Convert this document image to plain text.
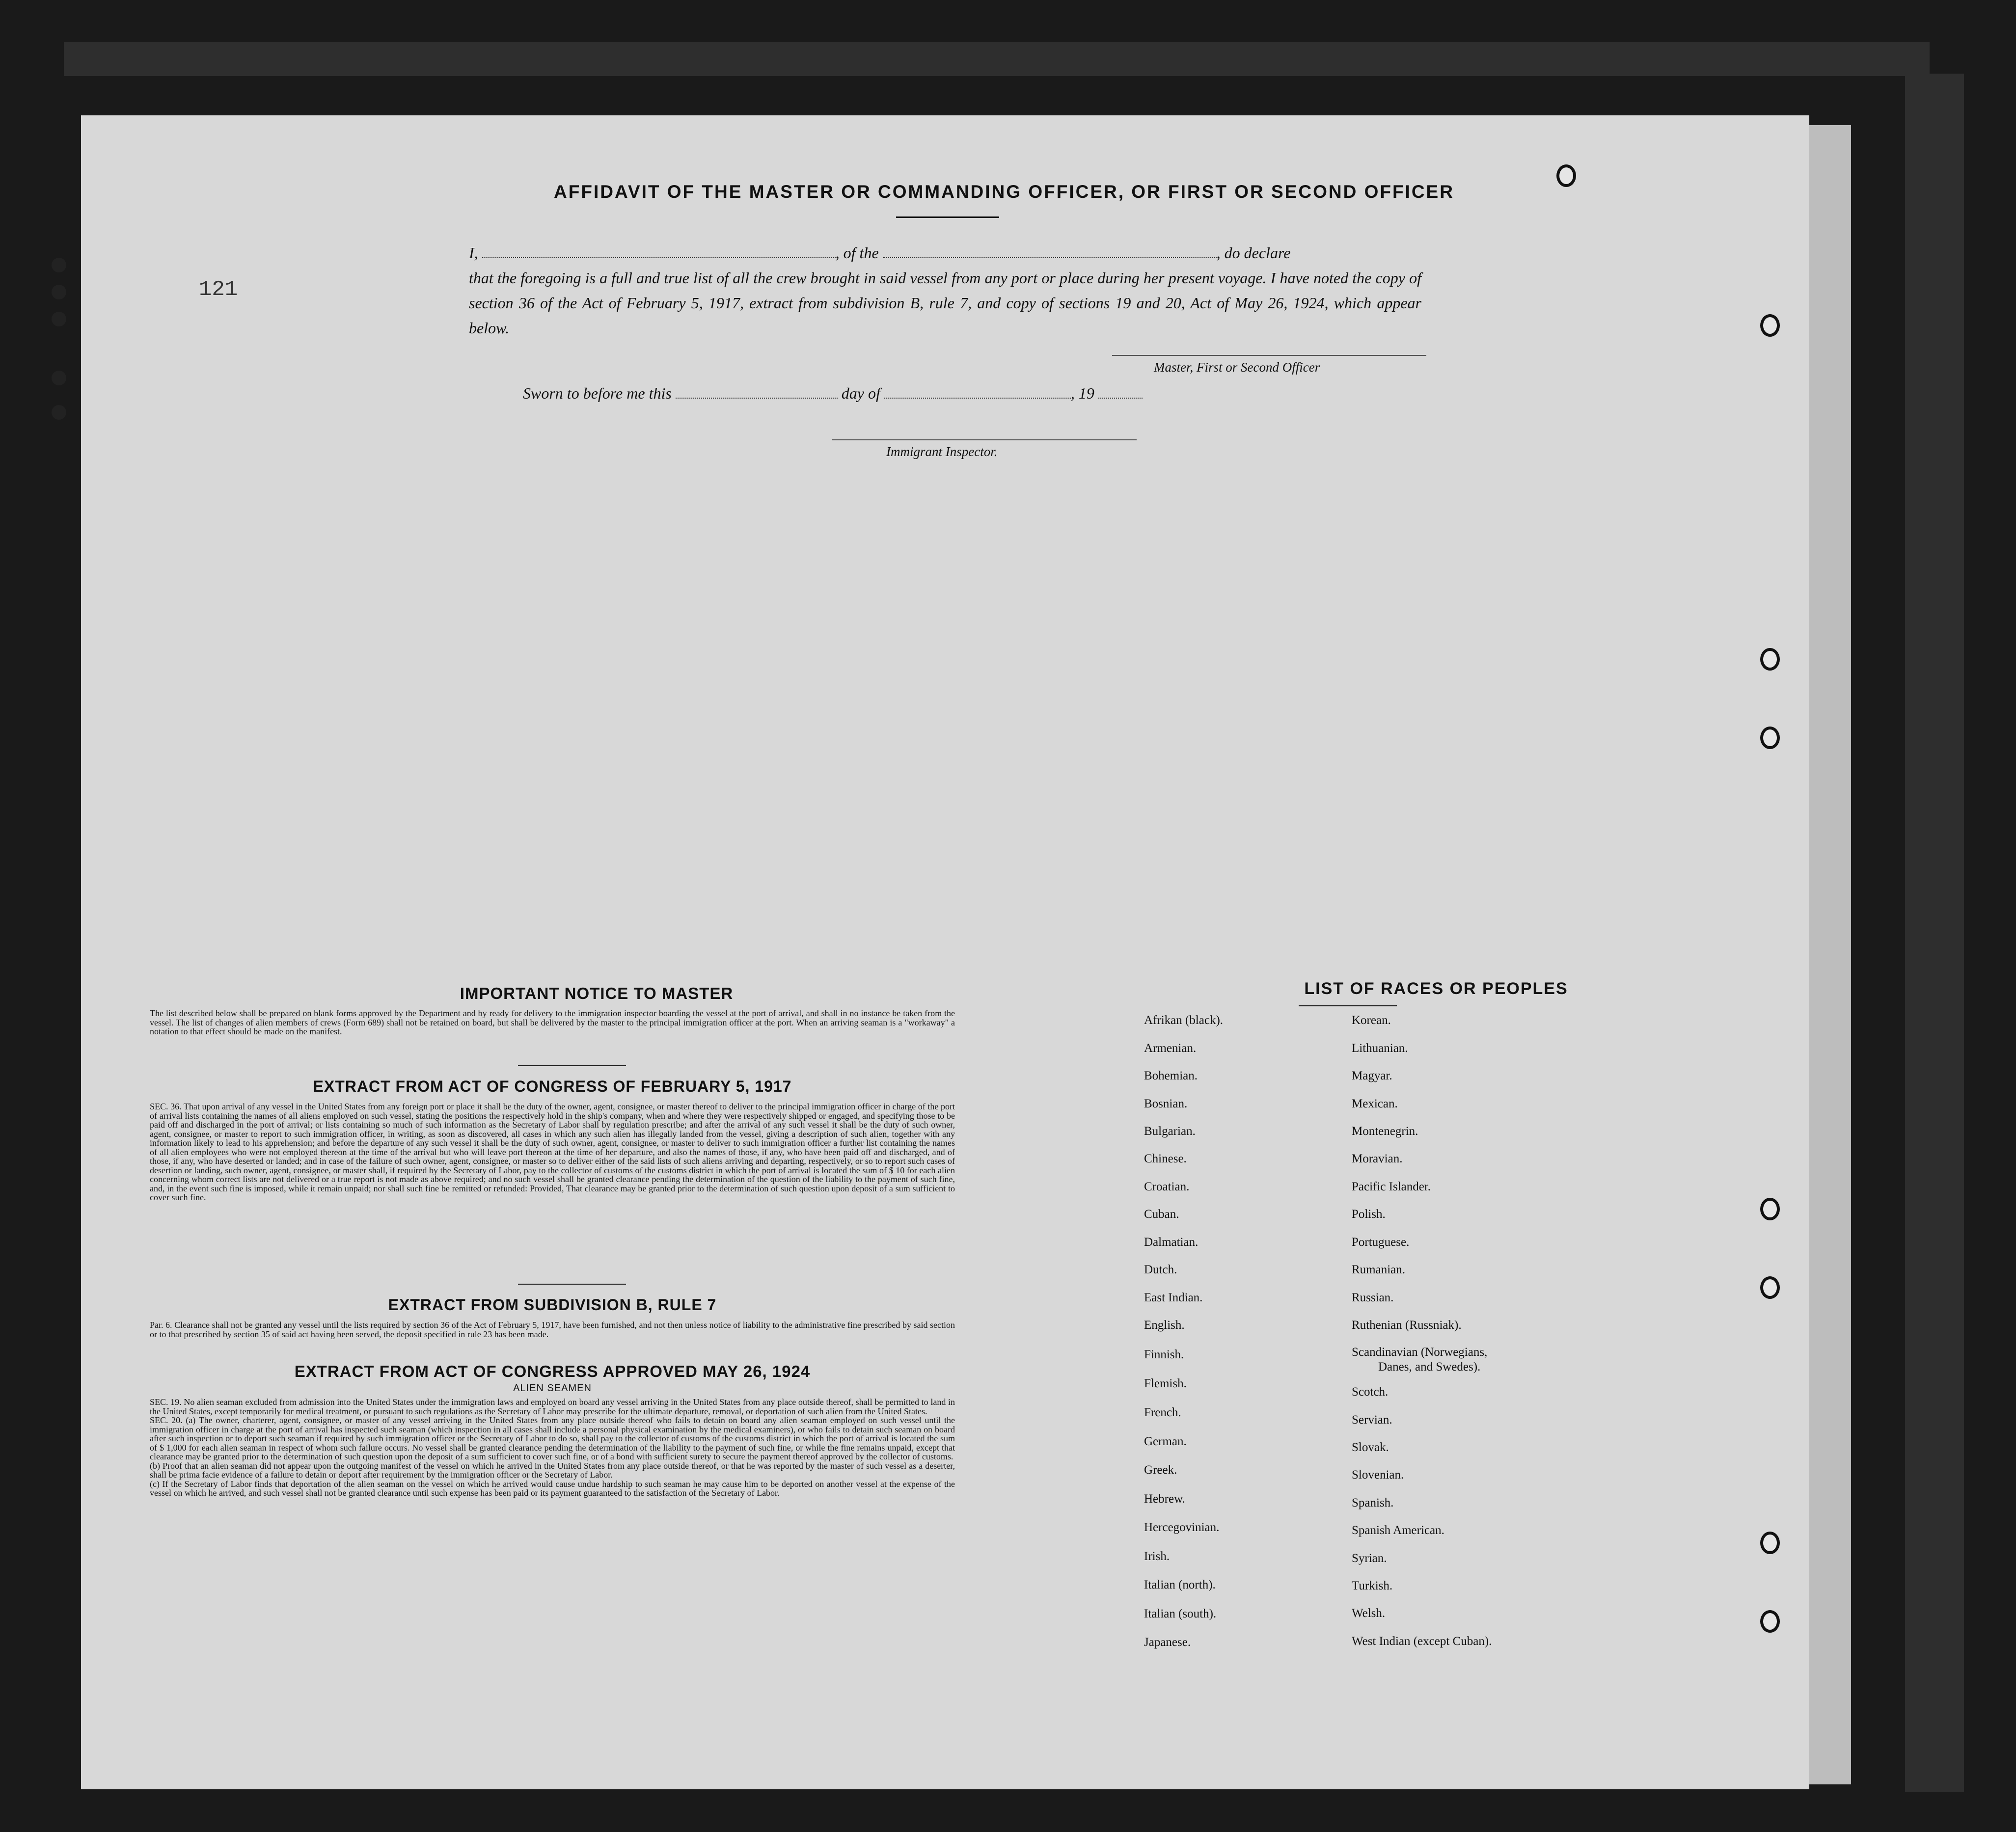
AFFIDAVIT OF THE MASTER OR COMMANDING OFFICER, OR FIRST OR SECOND OFFICER
I,	, of the	, do declare
that the foregoing is a full and true list of all the crew brought in said vessel from any port or place during her present voyage. I have noted the copy of section 36 of the Act of February 5, 1917, extract from subdivision B, rule 7, and copy of sections 19 and 20, Act of May 26, 1924, which appear below.
Master, First or Second Officer
Sworn to before me this	day of	, 19
Immigrant Inspector.
121
IMPORTANT NOTICE TO MASTER
The list described below shall be prepared on blank forms approved by the Department and by ready for delivery to the immigration inspector boarding the vessel at the port of arrival, and shall in no instance be taken from the vessel. The list of changes of alien members of crews (Form 689) shall not be retained on board, but shall be delivered by the master to the principal immigration officer at the port. When an arriving seaman is a "workaway" a notation to that effect should be made on the manifest.
EXTRACT FROM ACT OF CONGRESS OF FEBRUARY 5, 1917
SEC. 36. That upon arrival of any vessel in the United States from any foreign port or place it shall be the duty of the owner, agent, consignee, or master thereof to deliver to the principal immigration officer in charge of the port of arrival lists containing the names of all aliens employed on such vessel, stating the positions the respectively hold in the ship's company, when and where they were respectively shipped or engaged, and specifying those to be paid off and discharged in the port of arrival; or lists containing so much of such information as the Secretary of Labor shall by regulation prescribe; and after the arrival of any such vessel it shall be the duty of such owner, agent, consignee, or master to report to such immigration officer, in writing, as soon as discovered, all cases in which any such alien has illegally landed from the vessel, giving a description of such alien, together with any information likely to lead to his apprehension; and before the departure of any such vessel it shall be the duty of such owner, agent, consignee, or master to deliver to such immigration officer a further list containing the names of all alien employees who were not employed thereon at the time of the arrival but who will leave port thereon at the time of her departure, and also the names of those, if any, who have been paid off and discharged, and of those, if any, who have deserted or landed; and in case of the failure of such owner, agent, consignee, or master so to deliver either of the said lists of such aliens arriving and departing, respectively, or so to report such cases of desertion or landing, such owner, agent, consignee, or master shall, if required by the Secretary of Labor, pay to the collector of customs of the customs district in which the port of arrival is located the sum of $ 10 for each alien concerning whom correct lists are not delivered or a true report is not made as above required; and no such vessel shall be granted clearance pending the determination of the question of the liability to the payment of such fine, and, in the event such fine is imposed, while it remain unpaid; nor shall such fine be remitted or refunded: Provided, That clearance may be granted prior to the determination of such question upon deposit of a sum sufficient to cover such fine.
EXTRACT FROM SUBDIVISION B, RULE 7
Par. 6. Clearance shall not be granted any vessel until the lists required by section 36 of the Act of February 5, 1917, have been furnished, and not then unless notice of liability to the administrative fine prescribed by said section or to that prescribed by section 35 of said act having been served, the deposit specified in rule 23 has been made.
EXTRACT FROM ACT OF CONGRESS APPROVED MAY 26, 1924
ALIEN SEAMEN
SEC. 19. No alien seaman excluded from admission into the United States under the immigration laws and employed on board any vessel arriving in the United States from any place outside thereof, shall be permitted to land in the United States, except temporarily for medical treatment, or pursuant to such regulations as the Secretary of Labor may prescribe for the ultimate departure, removal, or deportation of such alien from the United States.
SEC. 20. (a) The owner, charterer, agent, consignee, or master of any vessel arriving in the United States from any place outside thereof who fails to detain on board any alien seaman employed on such vessel until the immigration officer in charge at the port of arrival has inspected such seaman (which inspection in all cases shall include a personal physical examination by the medical examiners), or who fails to detain such seaman on board after such inspection or to deport such seaman if required by such immigration officer or the Secretary of Labor to do so, shall pay to the collector of customs of the customs district in which the port of arrival is located the sum of $ 1,000 for each alien seaman in respect of whom such failure occurs. No vessel shall be granted clearance pending the determination of the liability to the payment of such fine, or while the fine remains unpaid, except that clearance may be granted prior to the determination of such question upon the deposit of a sum sufficient to cover such fine, or of a bond with sufficient surety to secure the payment thereof approved by the collector of customs.
(b) Proof that an alien seaman did not appear upon the outgoing manifest of the vessel on which he arrived in the United States from any place outside thereof, or that he was reported by the master of such vessel as a deserter, shall be prima facie evidence of a failure to detain or deport after requirement by the immigration officer or the Secretary of Labor.
(c) If the Secretary of Labor finds that deportation of the alien seaman on the vessel on which he arrived would cause undue hardship to such seaman he may cause him to be deported on another vessel at the expense of the vessel on which he arrived, and such vessel shall not be granted clearance until such expense has been paid or its payment guaranteed to the satisfaction of the Secretary of Labor.
LIST OF RACES OR PEOPLES
Afrikan (black).
Armenian.
Bohemian.
Bosnian.
Bulgarian.
Chinese.
Croatian.
Cuban.
Dalmatian.
Dutch.
East Indian.
English.
Finnish.
Flemish.
French.
German.
Greek.
Hebrew.
Hercegovinian.
Irish.
Italian (north).
Italian (south).
Japanese.
Korean.
Lithuanian.
Magyar.
Mexican.
Montenegrin.
Moravian.
Pacific Islander.
Polish.
Portuguese.
Rumanian.
Russian.
Ruthenian (Russniak).
Scandinavian (Norwegians,
Danes, and Swedes).
Scotch.
Servian.
Slovak.
Slovenian.
Spanish.
Spanish American.
Syrian.
Turkish.
Welsh.
West Indian (except Cuban).
